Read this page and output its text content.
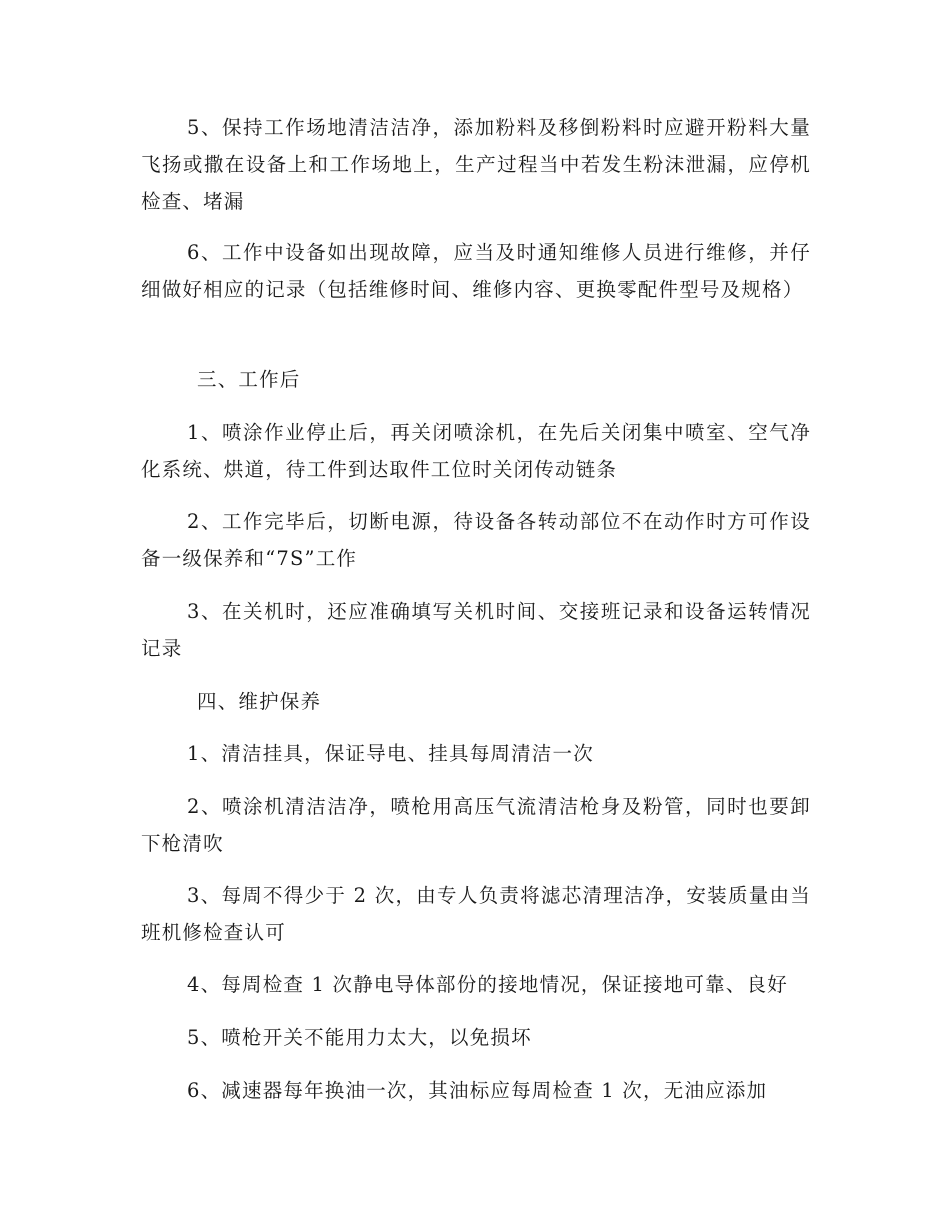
5、保持工作场地清洁洁净，添加粉料及移倒粉料时应避开粉料大量飞扬或撒在设备上和工作场地上，生产过程当中若发生粉沫泄漏，应停机检查、堵漏

6、工作中设备如出现故障，应当及时通知维修人员进行维修，并仔细做好相应的记录（包括维修时间、维修内容、更换零配件型号及规格）

三、工作后

1、喷涂作业停止后，再关闭喷涂机，在先后关闭集中喷室、空气净化系统、烘道，待工件到达取件工位时关闭传动链条

2、工作完毕后，切断电源，待设备各转动部位不在动作时方可作设备一级保养和“7S”工作

3、在关机时，还应准确填写关机时间、交接班记录和设备运转情况记录

四、维护保养

1、清洁挂具，保证导电、挂具每周清洁一次

2、喷涂机清洁洁净，喷枪用高压气流清洁枪身及粉管，同时也要卸下枪清吹

3、每周不得少于 2 次，由专人负责将滤芯清理洁净，安装质量由当班机修检查认可

4、每周检查 1 次静电导体部份的接地情况，保证接地可靠、良好

5、喷枪开关不能用力太大，以免损坏

6、减速器每年换油一次，其油标应每周检查 1 次，无油应添加
